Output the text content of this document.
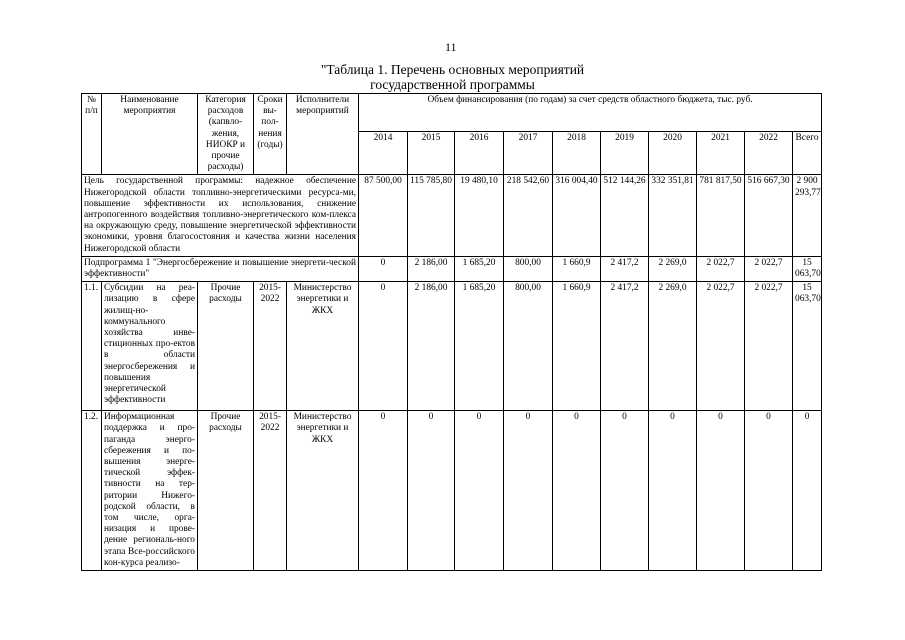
11
"Таблица 1. Перечень основных мероприятий
государственной программы
№ п/п	Наименование мероприятия	Категория расходов (капвло-жения, НИОКР и прочие расходы)	Сроки вы-пол-нения (годы)	Исполнители мероприятий	Объем финансирования (по годам) за счет средств областного бюджета, тыс. руб.									
					2014	2015	2016	2017	2018	2019	2020	2021	2022	Всего
Цель государственной программы: надежное обеспечение Нижегородской области топливно-энергетическими ресурса-ми, повышение эффективности их использования, снижение антропогенного воздействия топливно-энергетического ком-плекса на окружающую среду, повышение энергетической эффективности экономики, уровня благосостояния и качества жизни населения Нижегородской области					87 500,00	115 785,80	19 480,10	218 542,60	316 004,40	512 144,26	332 351,81	781 817,50	516 667,30	2 900 293,77
Подпрограмма 1 "Энергосбережение и повышение энергети-ческой эффективности"					0	2 186,00	1 685,20	800,00	1 660,9	2 417,2	2 269,0	2 022,7	2 022,7	15 063,70
1.1.	Субсидии на реа-лизацию в сфере жилищ-но-коммунального хозяйства инве-стиционных про-ектов в области энергосбережения и повышения энергетической эффективности	Прочие расходы	2015-2022	Министерство энергетики и ЖКХ	0	2 186,00	1 685,20	800,00	1 660,9	2 417,2	2 269,0	2 022,7	2 022,7	15 063,70
1.2.	Информационная поддержка и про-паганда энерго-сбережения и по-вышения энерге-тической эффек-тивности на тер-ритории Нижего-родской области, в том числе, орга-низация и прове-дение региональ-ного этапа Все-российского кон-курса реализо-	Прочие расходы	2015-2022	Министерство энергетики и ЖКХ	0	0	0	0	0	0	0	0	0	0
